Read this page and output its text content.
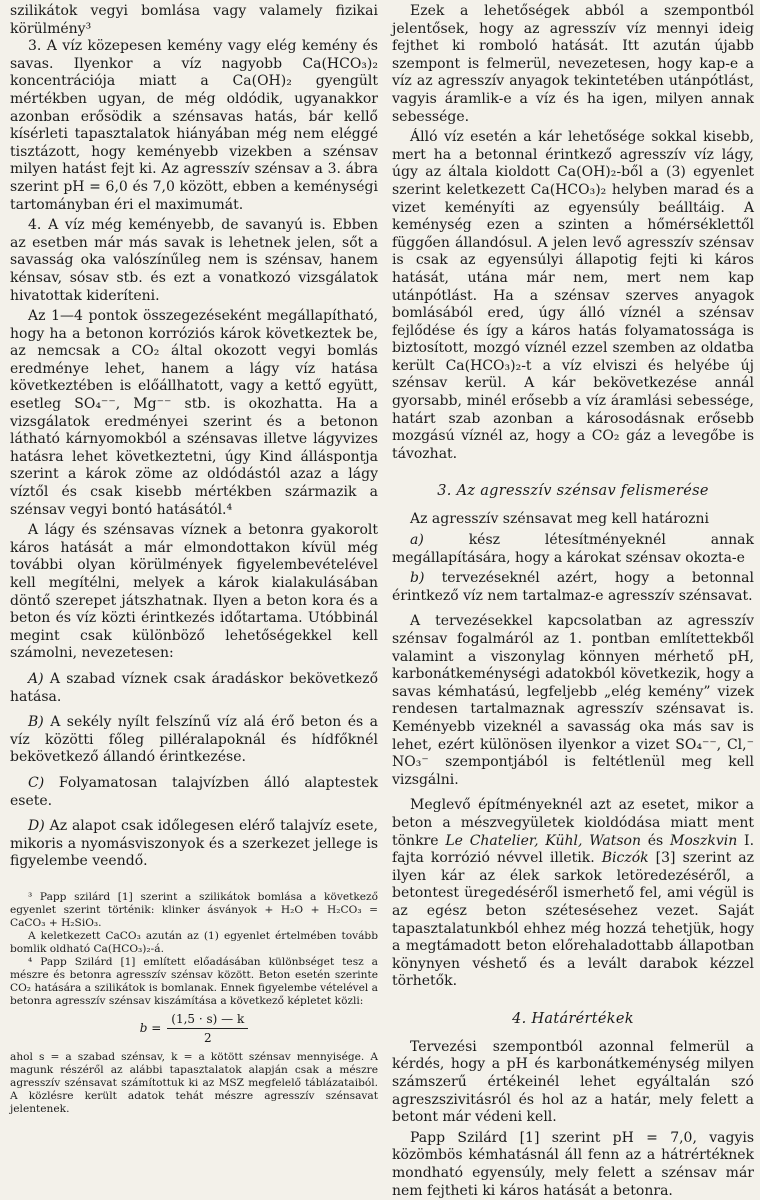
szilikátok vegyi bomlása vagy valamely fizikai körülmény³

3. A víz közepesen kemény vagy elég kemény és savas. Ilyenkor a víz nagyobb Ca(HCO₃)₂ koncentrációja miatt a Ca(OH)₂ gyengült mértékben ugyan, de még oldódik, ugyanakkor azonban erősödik a szénsavas hatás, bár kellő kísérleti tapasztalatok hiányában még nem eléggé tisztázott, hogy keményebb vizekben a szénsav milyen hatást fejt ki. Az agresszív szénsav a 3. ábra szerint pH = 6,0 és 7,0 között, ebben a keménységi tartományban éri el maximumát.

4. A víz még keményebb, de savanyú is. Ebben az esetben már más savak is lehetnek jelen, sőt a savasság oka valószínűleg nem is szénsav, hanem kénsav, sósav stb. és ezt a vonatkozó vizsgálatok hivatottak kideríteni.

Az 1—4 pontok összegezéseként megállapítható, hogy ha a betonon korróziós károk következtek be, az nemcsak a CO₂ által okozott vegyi bomlás eredménye lehet, hanem a lágy víz hatása következtében is előállhatott, vagy a kettő együtt, esetleg SO₄⁻⁻, Mg⁻⁻ stb. is okozhatta. Ha a vizsgálatok eredményei szerint és a betonon látható kárnyomokból a szénsavas illetve lágyvizes hatásra lehet következtetni, úgy Kind álláspontja szerint a károk zöme az oldódástól azaz a lágy víztől és csak kisebb mértékben származik a szénsav vegyi bontó hatásától.⁴

A lágy és szénsavas víznek a betonra gyakorolt káros hatását a már elmondottakon kívül még további olyan körülmények figyelembevételével kell megítélni, melyek a károk kialakulásában döntő szerepet játszhatnak. Ilyen a beton kora és a beton és víz közti érintkezés időtartama. Utóbbinál megint csak különböző lehetőségekkel kell számolni, nevezetesen:

A) A szabad víznek csak áradáskor bekövetkező hatása.

B) A sekély nyílt felszínű víz alá érő beton és a víz közötti főleg pilléralapoknál és hídfőknél bekövetkező állandó érintkezése.

C) Folyamatosan talajvízben álló alaptestek esete.

D) Az alapot csak időlegesen elérő talajvíz esete, mikoris a nyomásviszonyok és a szerkezet jellege is figyelembe veendő.

³ Papp szilárd [1] szerint a szilikátok bomlása a következő egyenlet szerint történik: klinker ásványok + H₂O + H₂CO₃ = CaCO₃ + H₂SiO₃.

A keletkezett CaCO₃ azután az (1) egyenlet értelmében tovább bomlik oldható Ca(HCO₃)₂-á.

⁴ Papp Szilárd [1] említett előadásában különbséget tesz a mészre és betonra agresszív szénsav között. Beton esetén szerinte CO₂ hatására a szilikátok is bomlanak. Ennek figyelembe vételével a betonra agresszív szénsav kiszámítása a következő képletet közli:

$b = \frac{(1,5 \cdot s) — k}{2}$

ahol s = a szabad szénsav, k = a kötött szénsav mennyisége. A magunk részéről az alábbi tapasztalatok alapján csak a mészre agresszív szénsavat számítottuk ki az MSZ megfelelő táblázataiból. A közlésre került adatok tehát mészre agresszív szénsavat jelentenek.

Ezek a lehetőségek abból a szempontból jelentősek, hogy az agresszív víz mennyi ideig fejthet ki romboló hatását. Itt azután újabb szempont is felmerül, nevezetesen, hogy kap-e a víz az agresszív anyagok tekintetében utánpótlást, vagyis áramlik-e a víz és ha igen, milyen annak sebessége.

Álló víz esetén a kár lehetősége sokkal kisebb, mert ha a betonnal érintkező agresszív víz lágy, úgy az általa kioldott Ca(OH)₂-ből a (3) egyenlet szerint keletkezett Ca(HCO₃)₂ helyben marad és a vizet keményíti az egyensúly beálltáig. A keménység ezen a szinten a hőmérséklettől függően állandósul. A jelen levő agresszív szénsav is csak az egyensúlyi állapotig fejti ki káros hatását, utána már nem, mert nem kap utánpótlást. Ha a szénsav szerves anyagok bomlásából ered, úgy álló víznél a szénsav fejlődése és így a káros hatás folyamatossága is biztosított, mozgó víznél ezzel szemben az oldatba került Ca(HCO₃)₂-t a víz elviszi és helyébe új szénsav kerül. A kár bekövetkezése annál gyorsabb, minél erősebb a víz áramlási sebessége, határt szab azonban a károsodásnak erősebb mozgású víznél az, hogy a CO₂ gáz a levegőbe is távozhat.

3. Az agresszív szénsav felismerése

Az agresszív szénsavat meg kell határozni

a) kész létesítményeknél annak megállapítására, hogy a károkat szénsav okozta-e

b) tervezéseknél azért, hogy a betonnal érintkező víz nem tartalmaz-e agresszív szénsavat.

A tervezésekkel kapcsolatban az agresszív szénsav fogalmáról az 1. pontban említettekből valamint a viszonylag könnyen mérhető pH, karbonátkeménységi adatokból következik, hogy a savas kémhatású, legfeljebb „elég kemény” vizek rendesen tartalmaznak agresszív szénsavat is. Keményebb vizeknél a savasság oka más sav is lehet, ezért különösen ilyenkor a vizet SO₄⁻⁻, Cl,⁻ NO₃⁻ szempontjából is feltétlenül meg kell vizsgálni.

Meglevő építményeknél azt az esetet, mikor a beton a mészvegyületek kioldódása miatt ment tönkre Le Chatelier, Kühl, Watson és Moszkvin I. fajta korrózió névvel illetik. Biczók [3] szerint az ilyen kár az élek sarkok letöredezéséről, a betontest üregedéséről ismerhető fel, ami végül is az egész beton szétesésehez vezet. Saját tapasztalatunkból ehhez még hozzá tehetjük, hogy a megtámadott beton előrehaladottabb állapotban könynyen véshető és a levált darabok kézzel törhetők.

4. Határértékek

Tervezési szempontból azonnal felmerül a kérdés, hogy a pH és karbonátkeménység milyen számszerű értékeinél lehet egyáltalán szó agreszszivitásról és hol az a határ, mely felett a betont már védeni kell.

Papp Szilárd [1] szerint pH = 7,0, vagyis közömbös kémhatásnál áll fenn az a hátrértéknek mondható egyensúly, mely felett a szénsav már nem fejtheti ki káros hatását a betonra.
